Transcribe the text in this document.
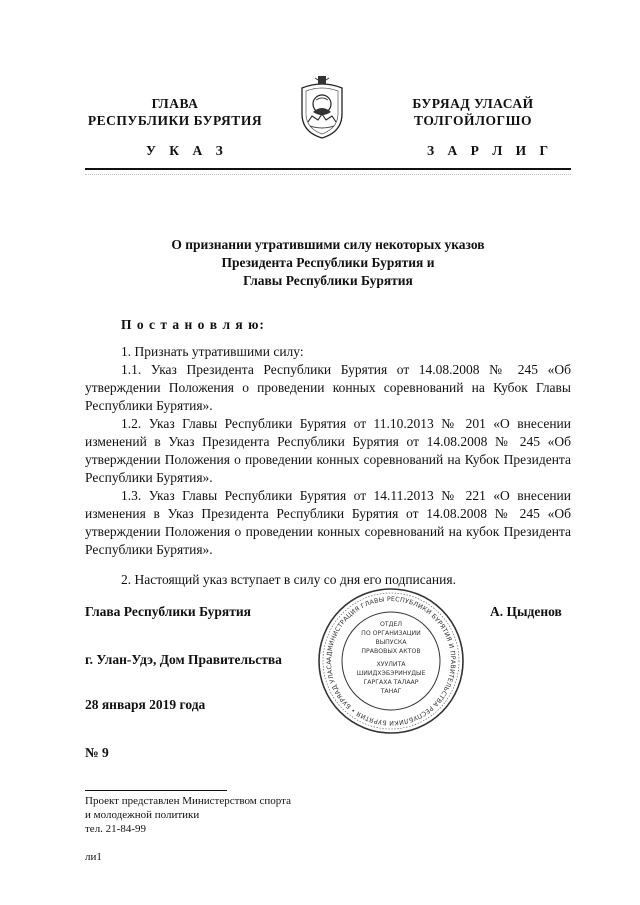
ГЛАВА
РЕСПУБЛИКИ БУРЯТИЯ
БУРЯАД УЛАСАЙ
ТОЛГОЙЛОГШО
У К А З	З А Р Л И Г
О признании утратившими силу некоторых указов
Президента Республики Бурятия и
Главы Республики Бурятия
П о с т а н о в л я ю:

1. Признать утратившими силу:

1.1. Указ Президента Республики Бурятия от 14.08.2008 № 245 «Об утверждении Положения о проведении конных соревнований на Кубок Главы Республики Бурятия».

1.2. Указ Главы Республики Бурятия от 11.10.2013 № 201 «О внесении изменений в Указ Президента Республики Бурятия от 14.08.2008 № 245 «Об утверждении Положения о проведении конных соревнований на Кубок Президента Республики Бурятия».

1.3. Указ Главы Республики Бурятия от 14.11.2013 № 221 «О внесении изменения в Указ Президента Республики Бурятия от 14.08.2008 № 245 «Об утверждении Положения о проведении конных соревнований на кубок Президента Республики Бурятия».

2. Настоящий указ вступает в силу со дня его подписания.

Глава Республики Бурятия	А. Цыденов
г. Улан-Удэ, Дом Правительства
28 января 2019 года
№ 9
АДМИНИСТРАЦИЯ ГЛАВЫ РЕСПУБЛИКИ БУРЯТИЯ И ПРАВИТЕЛЬСТВА РЕСПУБЛИКИ БУРЯТИЯ • БУРЯАД УЛАСА
ОТДЕЛ
ПО ОРГАНИЗАЦИИ
ВЫПУСКА
ПРАВОВЫХ АКТОВ
ХУУЛИТА
ШИИДХЭБЭРИНУДЫЕ
ГАРГАХА ТАЛААР
ТАНАГ
Проект представлен Министерством спорта
и молодежной политики
тел. 21-84-99
ли1
